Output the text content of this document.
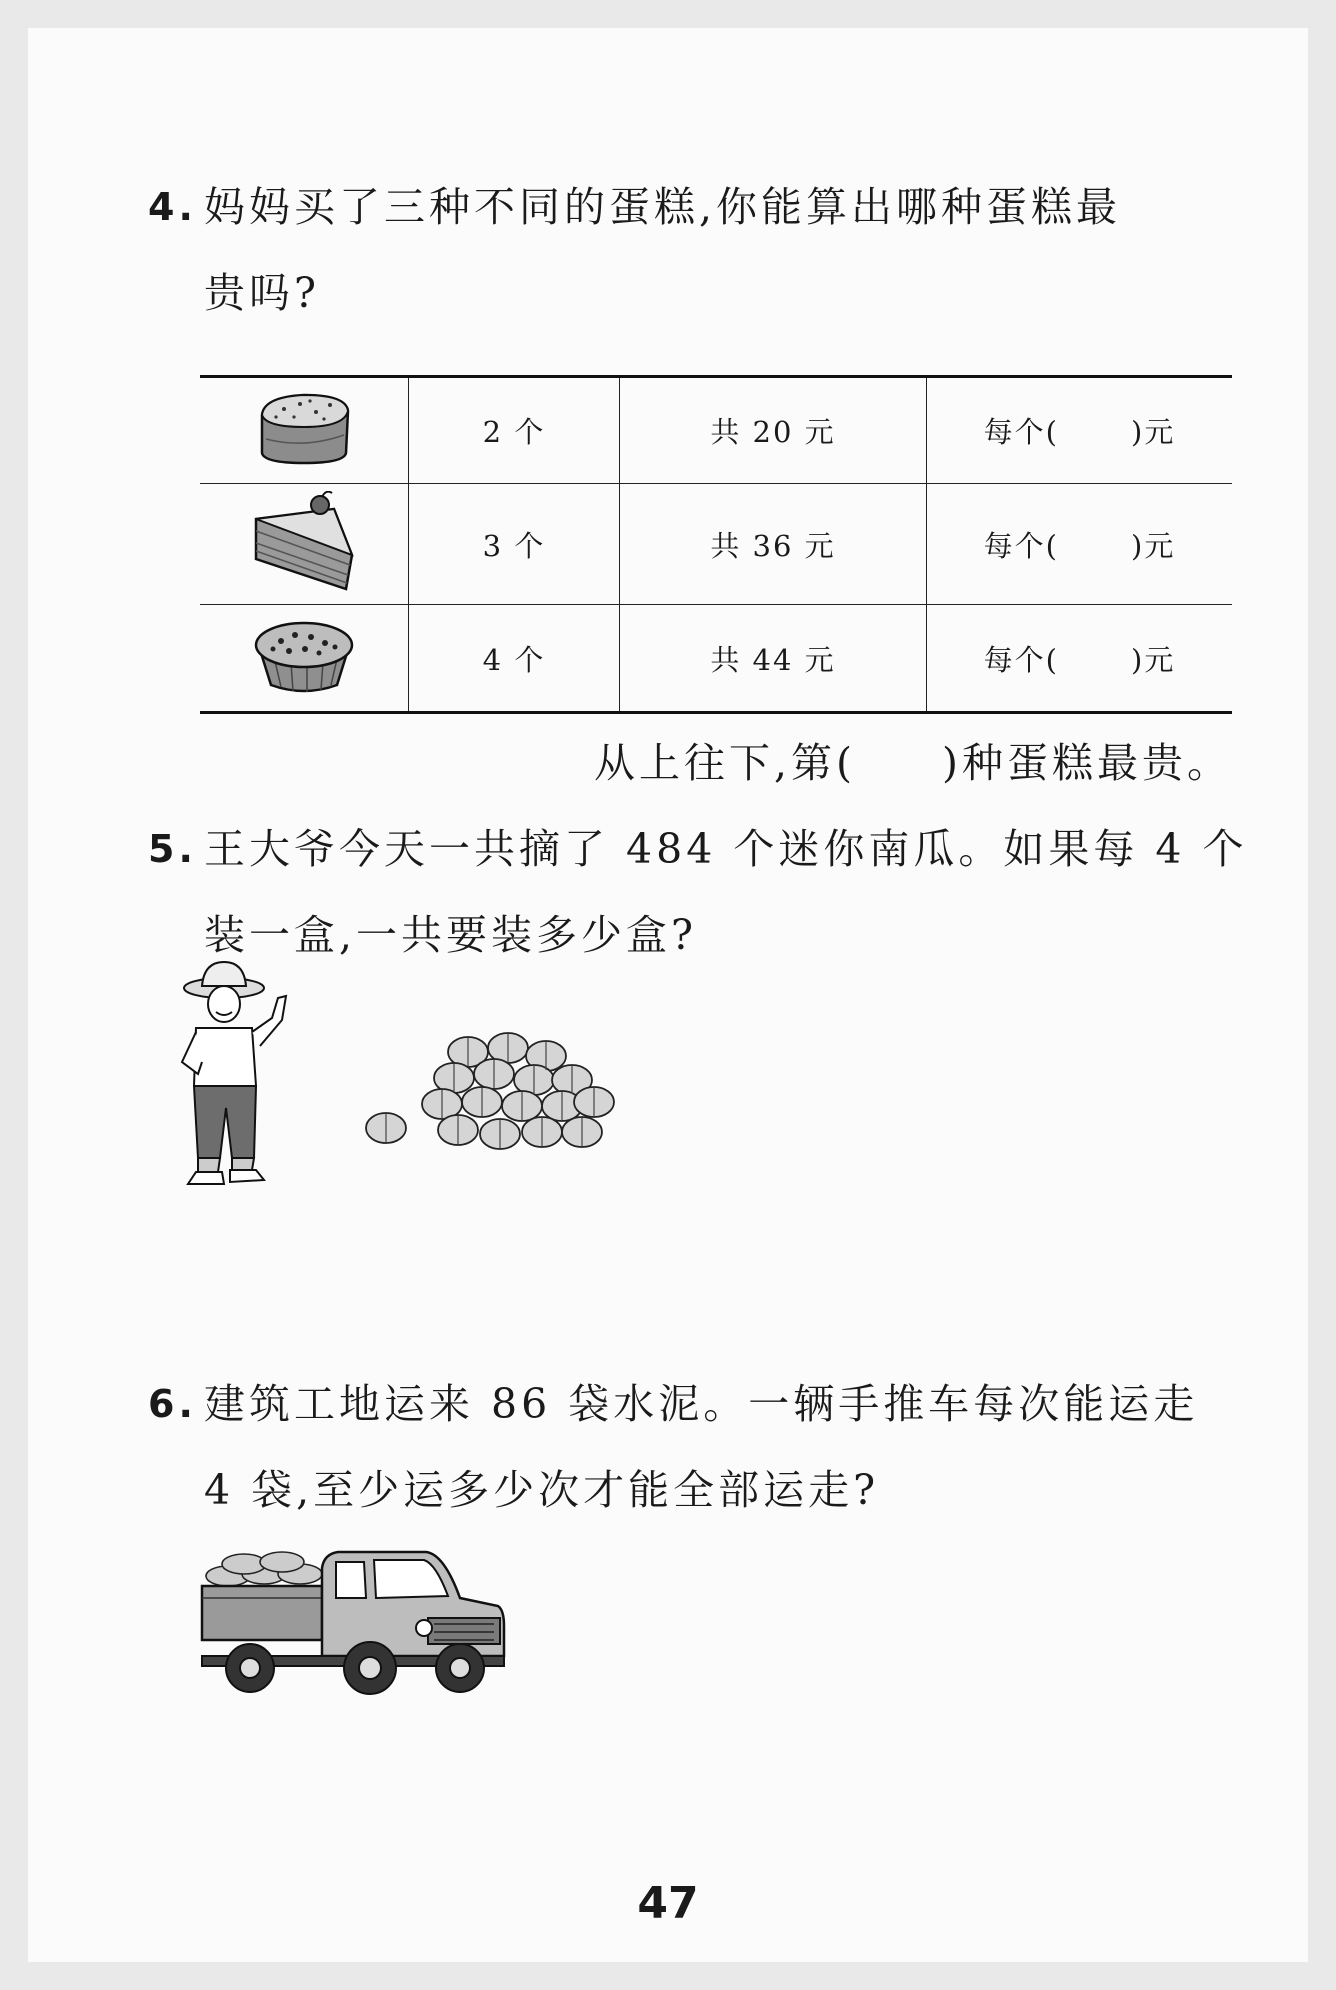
4. 妈妈买了三种不同的蛋糕,你能算出哪种蛋糕最
贵吗?
	2 个	共 20 元	每个( )元
	3 个	共 36 元	每个( )元
	4 个	共 44 元	每个( )元
从上往下,第( )种蛋糕最贵。
5. 王大爷今天一共摘了 484 个迷你南瓜。如果每 4 个
装一盒,一共要装多少盒?
6. 建筑工地运来 86 袋水泥。一辆手推车每次能运走
4 袋,至少运多少次才能全部运走?
47
